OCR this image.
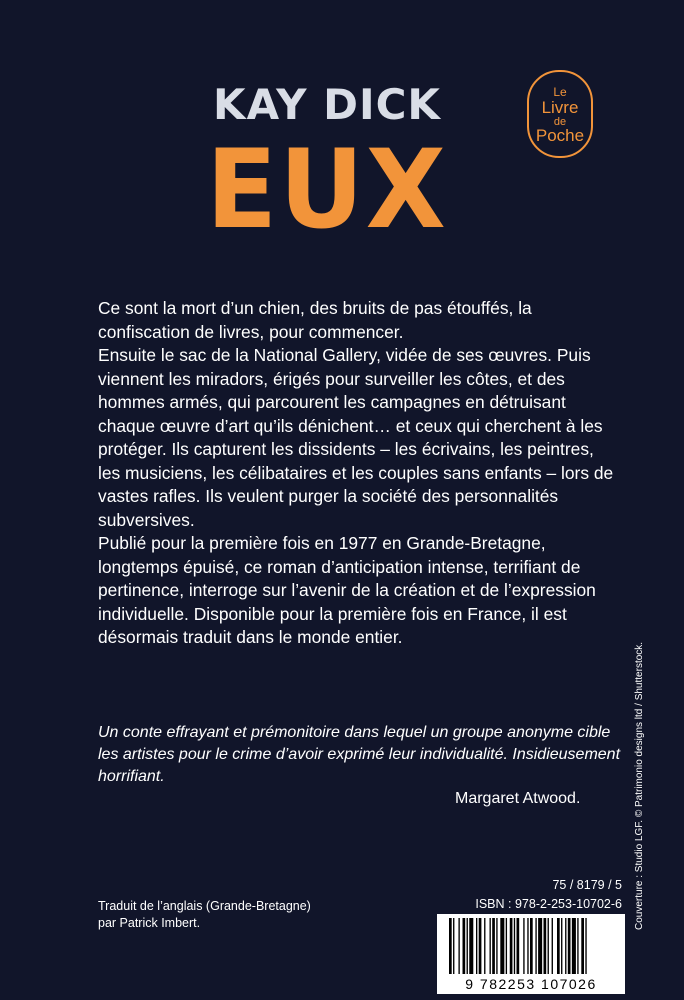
KAY DICK
EUX
Le
Livre
de
Poche

Ce sont la mort d’un chien, des bruits de pas étouffés, la confiscation de livres, pour commencer.

Ensuite le sac de la National Gallery, vidée de ses œuvres. Puis viennent les miradors, érigés pour surveiller les côtes, et des hommes armés, qui parcourent les campagnes en détruisant chaque œuvre d’art qu’ils dénichent… et ceux qui cherchent à les protéger. Ils capturent les dissidents – les écrivains, les peintres, les musiciens, les célibataires et les couples sans enfants – lors de vastes rafles. Ils veulent purger la société des personnalités subversives.

Publié pour la première fois en 1977 en Grande-Bretagne, longtemps épuisé, ce roman d’anticipation intense, terrifiant de pertinence, interroge sur l’avenir de la création et de l’expression individuelle. Disponible pour la première fois en France, il est désormais traduit dans le monde entier.

Un conte effrayant et prémonitoire dans lequel un groupe anonyme cible les artistes pour le crime d’avoir exprimé leur individualité. Insidieusement horrifiant.

Margaret Atwood.

Traduit de l’anglais (Grande-Bretagne)

par Patrick Imbert.

75 / 8179 / 5
ISBN : 978-2-253-10702-6
9 782253 107026
Couverture : Studio LGF. © Patrimonio designs ltd / Shutterstock.
